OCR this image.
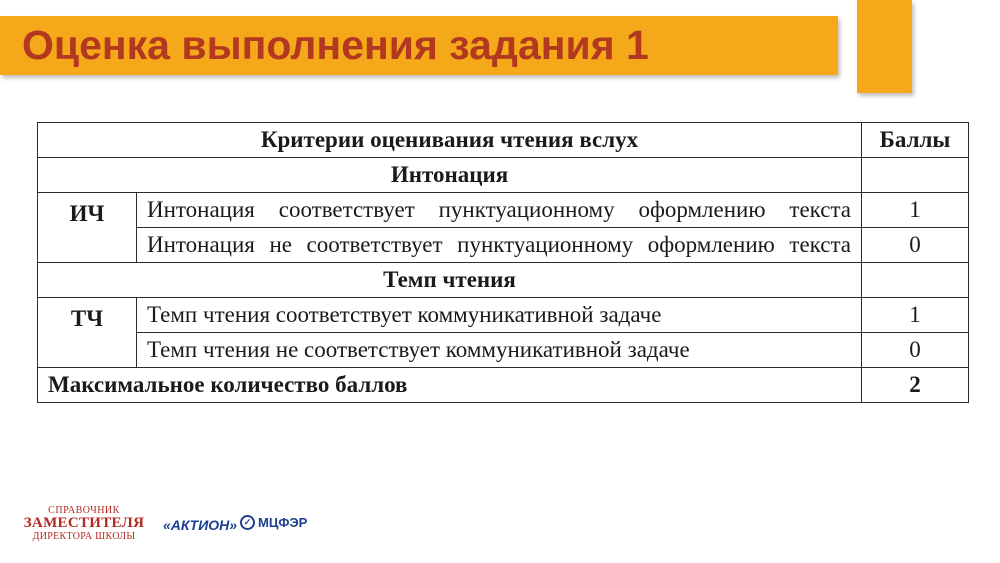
Оценка выполнения задания 1
Критерии оценивания чтения вслух		Баллы
Интонация		
ИЧ	Интонация соответствует пунктуационному оформлению текста	1
	Интонация не соответствует пунктуационному оформлению текста	0
Темп чтения		
ТЧ	Темп чтения соответствует коммуникативной задаче	1
	Темп чтения не соответствует коммуникативной задаче	0
Максимальное количество баллов		2
СПРАВОЧНИК
ЗАМЕСТИТЕЛЯ
ДИРЕКТОРА ШКОЛЫ
«АКТИОН» ✓ МЦФЭР
